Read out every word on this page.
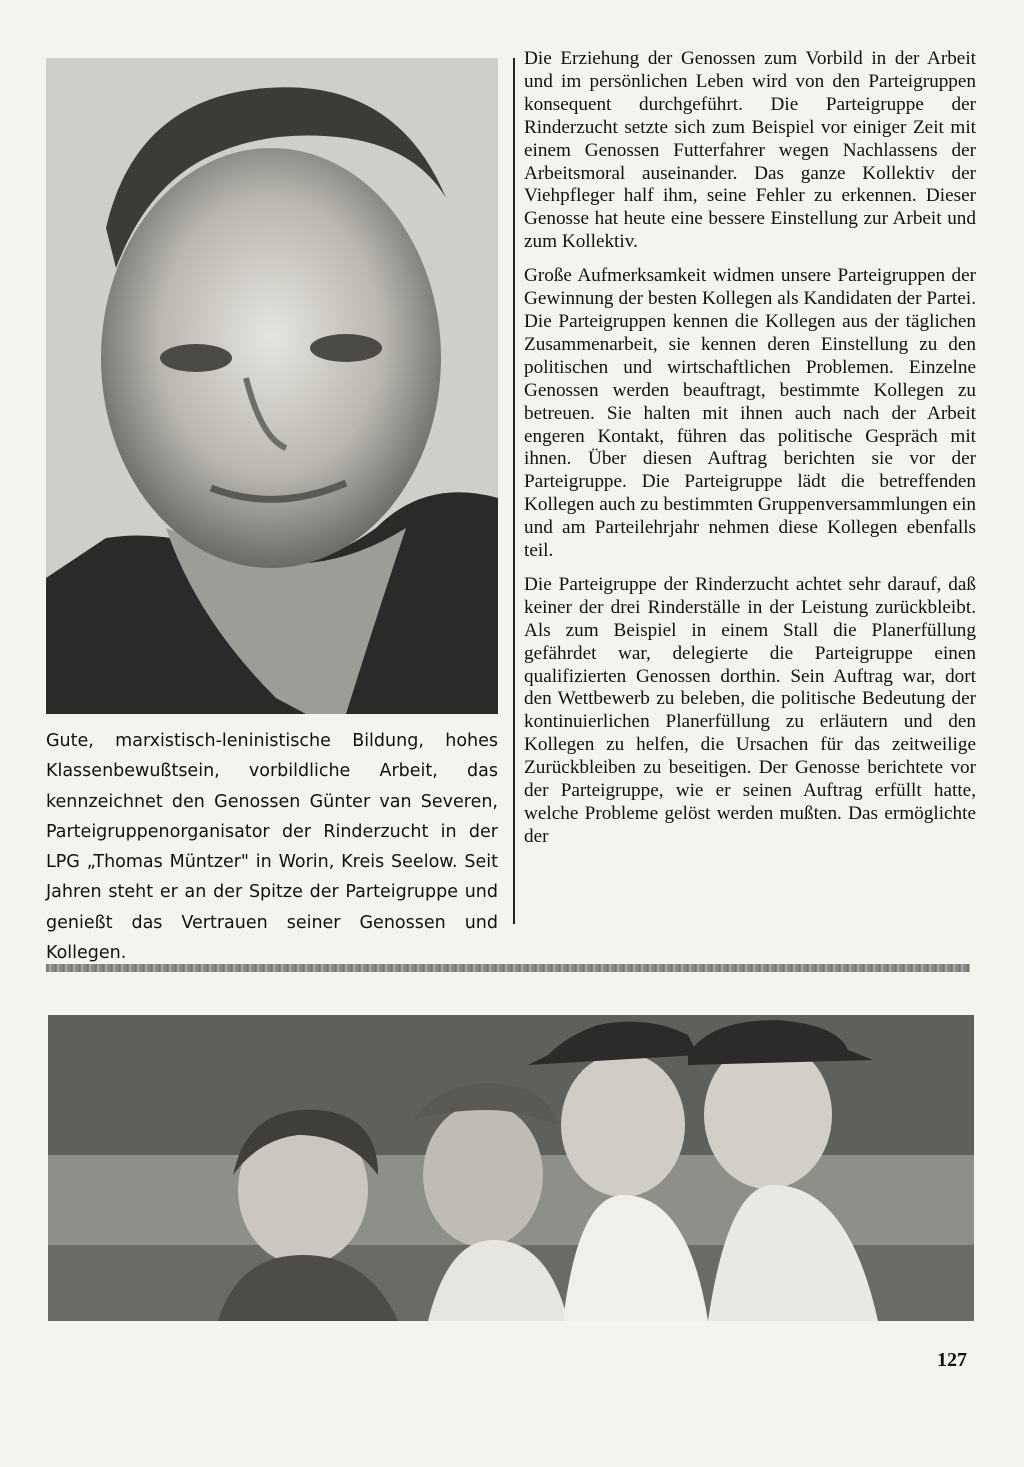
Gute, marxistisch-leninistische Bildung, hohes Klassenbewußtsein, vorbildliche Arbeit, das kennzeichnet den Genossen Günter van Severen, Parteigruppenorganisator der Rinderzucht in der LPG „Thomas Müntzer" in Worin, Kreis Seelow. Seit Jahren steht er an der Spitze der Parteigruppe und genießt das Vertrauen seiner Genossen und Kollegen.

Die Erziehung der Genossen zum Vorbild in der Arbeit und im persönlichen Leben wird von den Parteigruppen konsequent durchgeführt. Die Parteigruppe der Rinderzucht setzte sich zum Beispiel vor einiger Zeit mit einem Genossen Futterfahrer wegen Nachlassens der Arbeitsmoral auseinander. Das ganze Kollektiv der Viehpfleger half ihm, seine Fehler zu erkennen. Dieser Genosse hat heute eine bessere Einstellung zur Arbeit und zum Kollektiv.

Große Aufmerksamkeit widmen unsere Parteigruppen der Gewinnung der besten Kollegen als Kandidaten der Partei. Die Parteigruppen kennen die Kollegen aus der täglichen Zusammenarbeit, sie kennen deren Einstellung zu den politischen und wirtschaftlichen Problemen. Einzelne Genossen werden beauftragt, bestimmte Kollegen zu betreuen. Sie halten mit ihnen auch nach der Arbeit engeren Kontakt, führen das politische Gespräch mit ihnen. Über diesen Auftrag berichten sie vor der Parteigruppe. Die Parteigruppe lädt die betreffenden Kollegen auch zu bestimmten Gruppenversammlungen ein und am Parteilehrjahr nehmen diese Kollegen ebenfalls teil.

Die Parteigruppe der Rinderzucht achtet sehr darauf, daß keiner der drei Rinderställe in der Leistung zurückbleibt. Als zum Beispiel in einem Stall die Planerfüllung gefährdet war, delegierte die Parteigruppe einen qualifizierten Genossen dorthin. Sein Auftrag war, dort den Wettbewerb zu beleben, die politische Bedeutung der kontinuierlichen Planerfüllung zu erläutern und den Kollegen zu helfen, die Ursachen für das zeitweilige Zurückbleiben zu beseitigen. Der Genosse berichtete vor der Parteigruppe, wie er seinen Auftrag erfüllt hatte, welche Probleme gelöst werden mußten. Das ermöglichte der

127
